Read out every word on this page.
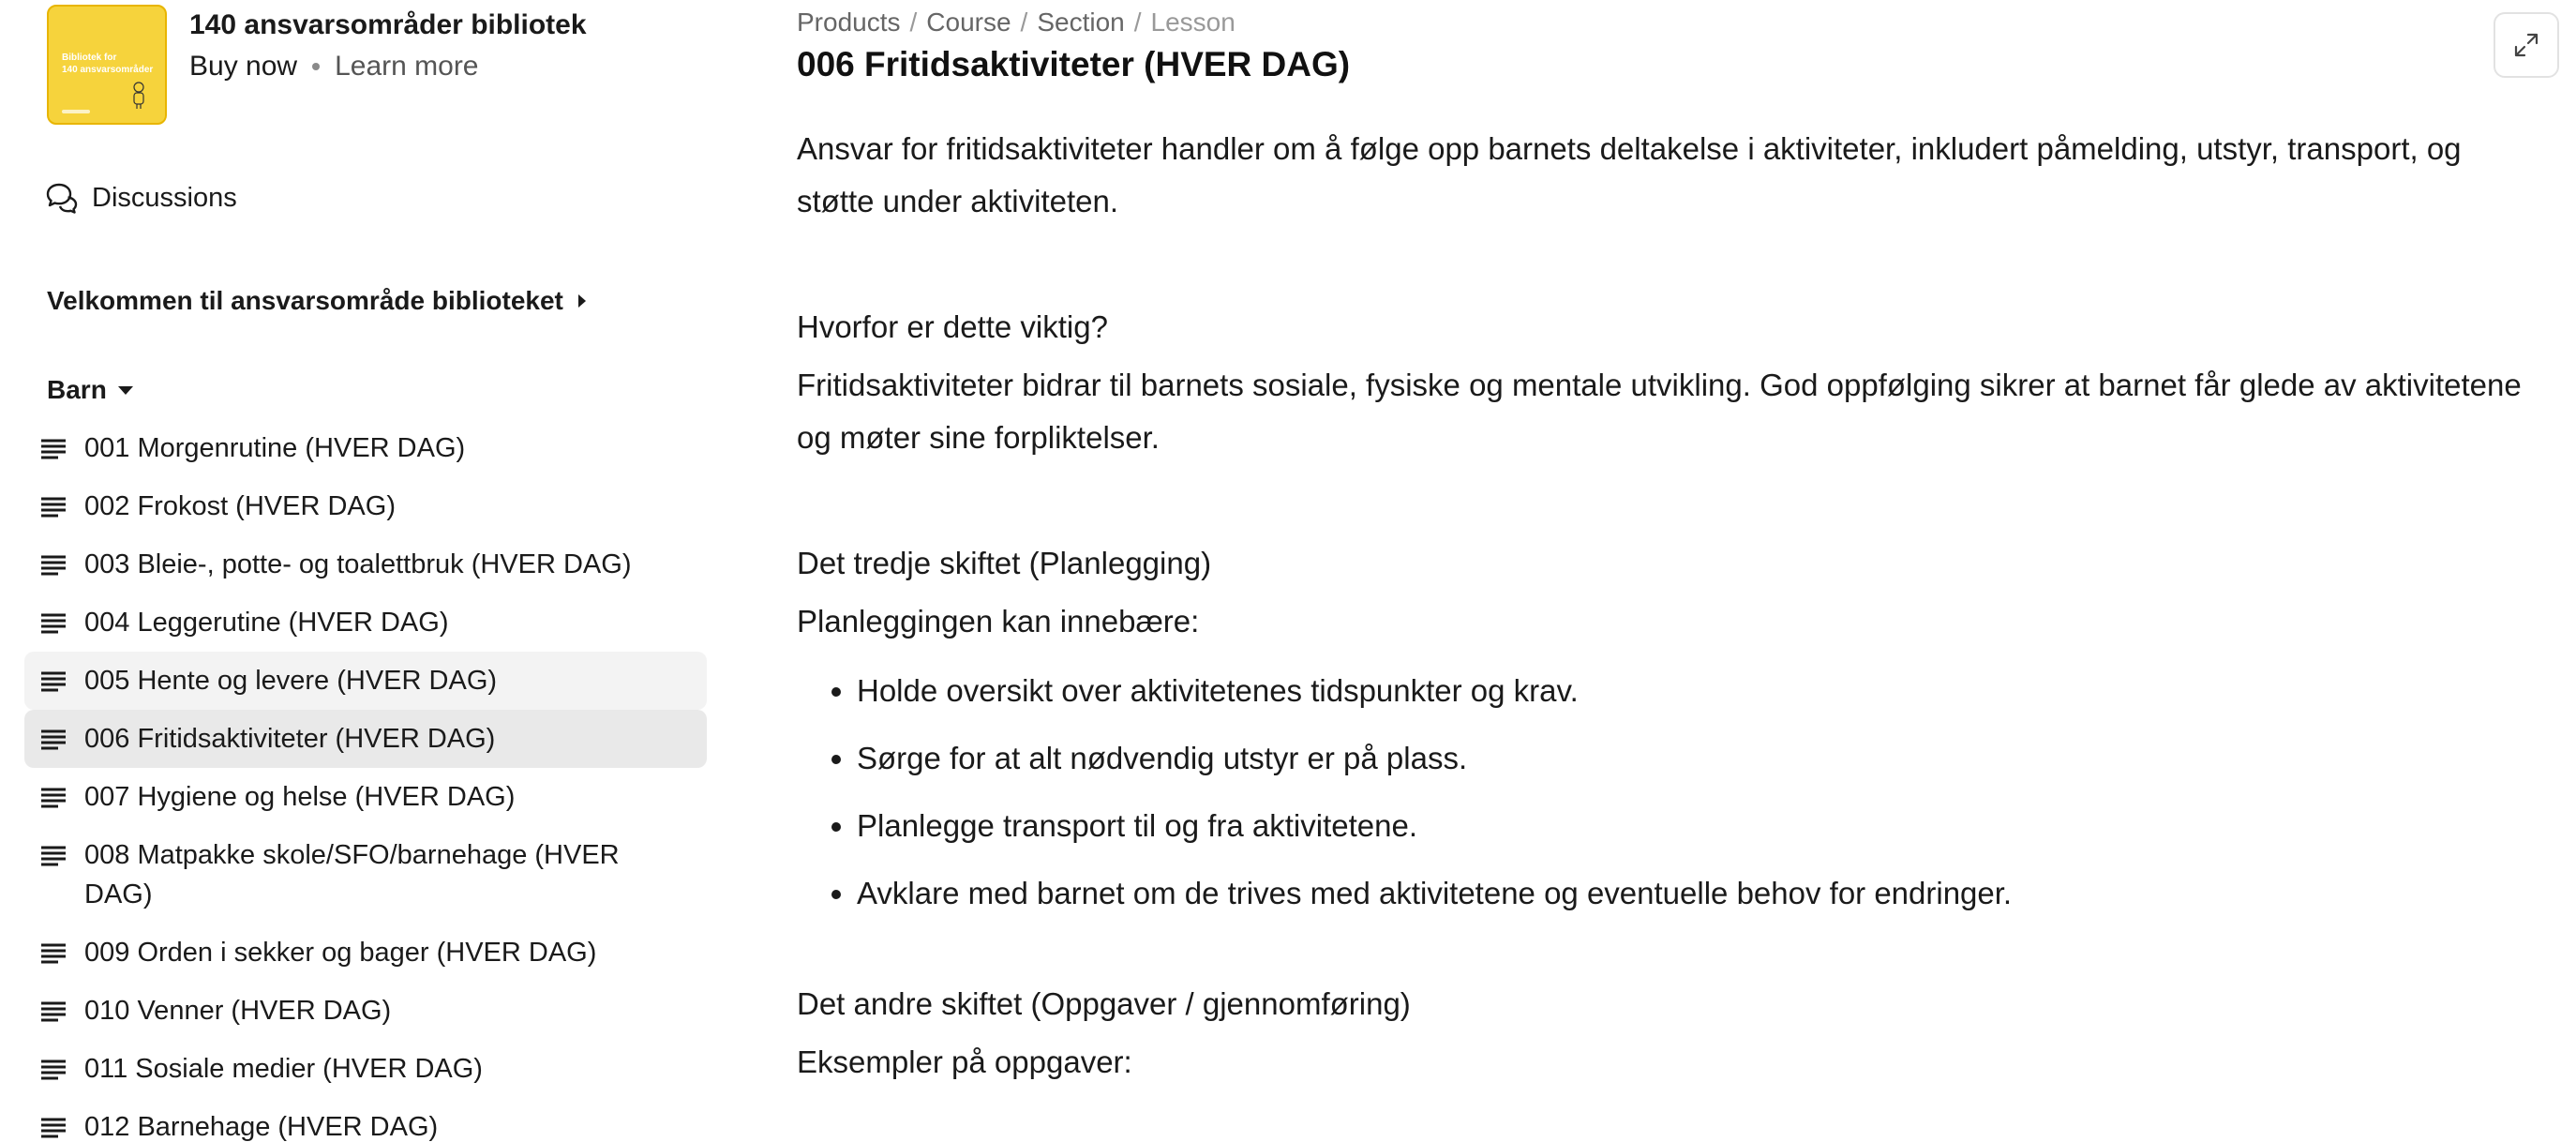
Bibliotek for
140 ansvarsområder
140 ansvarsområder bibliotek
Buy now Learn more
Discussions
Velkommen til ansvarsområde biblioteket
Barn
001 Morgenrutine (HVER DAG)
002 Frokost (HVER DAG)
003 Bleie-, potte- og toalettbruk (HVER DAG)
004 Leggerutine (HVER DAG)
005 Hente og levere (HVER DAG)
006 Fritidsaktiviteter (HVER DAG)
007 Hygiene og helse (HVER DAG)
008 Matpakke skole/SFO/barnehage (HVER DAG)
009 Orden i sekker og bager (HVER DAG)
010 Venner (HVER DAG)
011 Sosiale medier (HVER DAG)
012 Barnehage (HVER DAG)
Products / Course / Section / Lesson
006 Fritidsaktiviteter (HVER DAG)

Ansvar for fritidsaktiviteter handler om å følge opp barnets deltakelse i aktiviteter, inkludert påmelding, utstyr, transport, og støtte under aktiviteten.

Hvorfor er dette viktig?

Fritidsaktiviteter bidrar til barnets sosiale, fysiske og mentale utvikling. God oppfølging sikrer at barnet får glede av aktivitetene og møter sine forpliktelser.

Det tredje skiftet (Planlegging)

Planleggingen kan innebære:

• Holde oversikt over aktivitetenes tidspunkter og krav.
• Sørge for at alt nødvendig utstyr er på plass.
• Planlegge transport til og fra aktivitetene.
• Avklare med barnet om de trives med aktivitetene og eventuelle behov for endringer.
Det andre skiftet (Oppgaver / gjennomføring)

Eksempler på oppgaver:
